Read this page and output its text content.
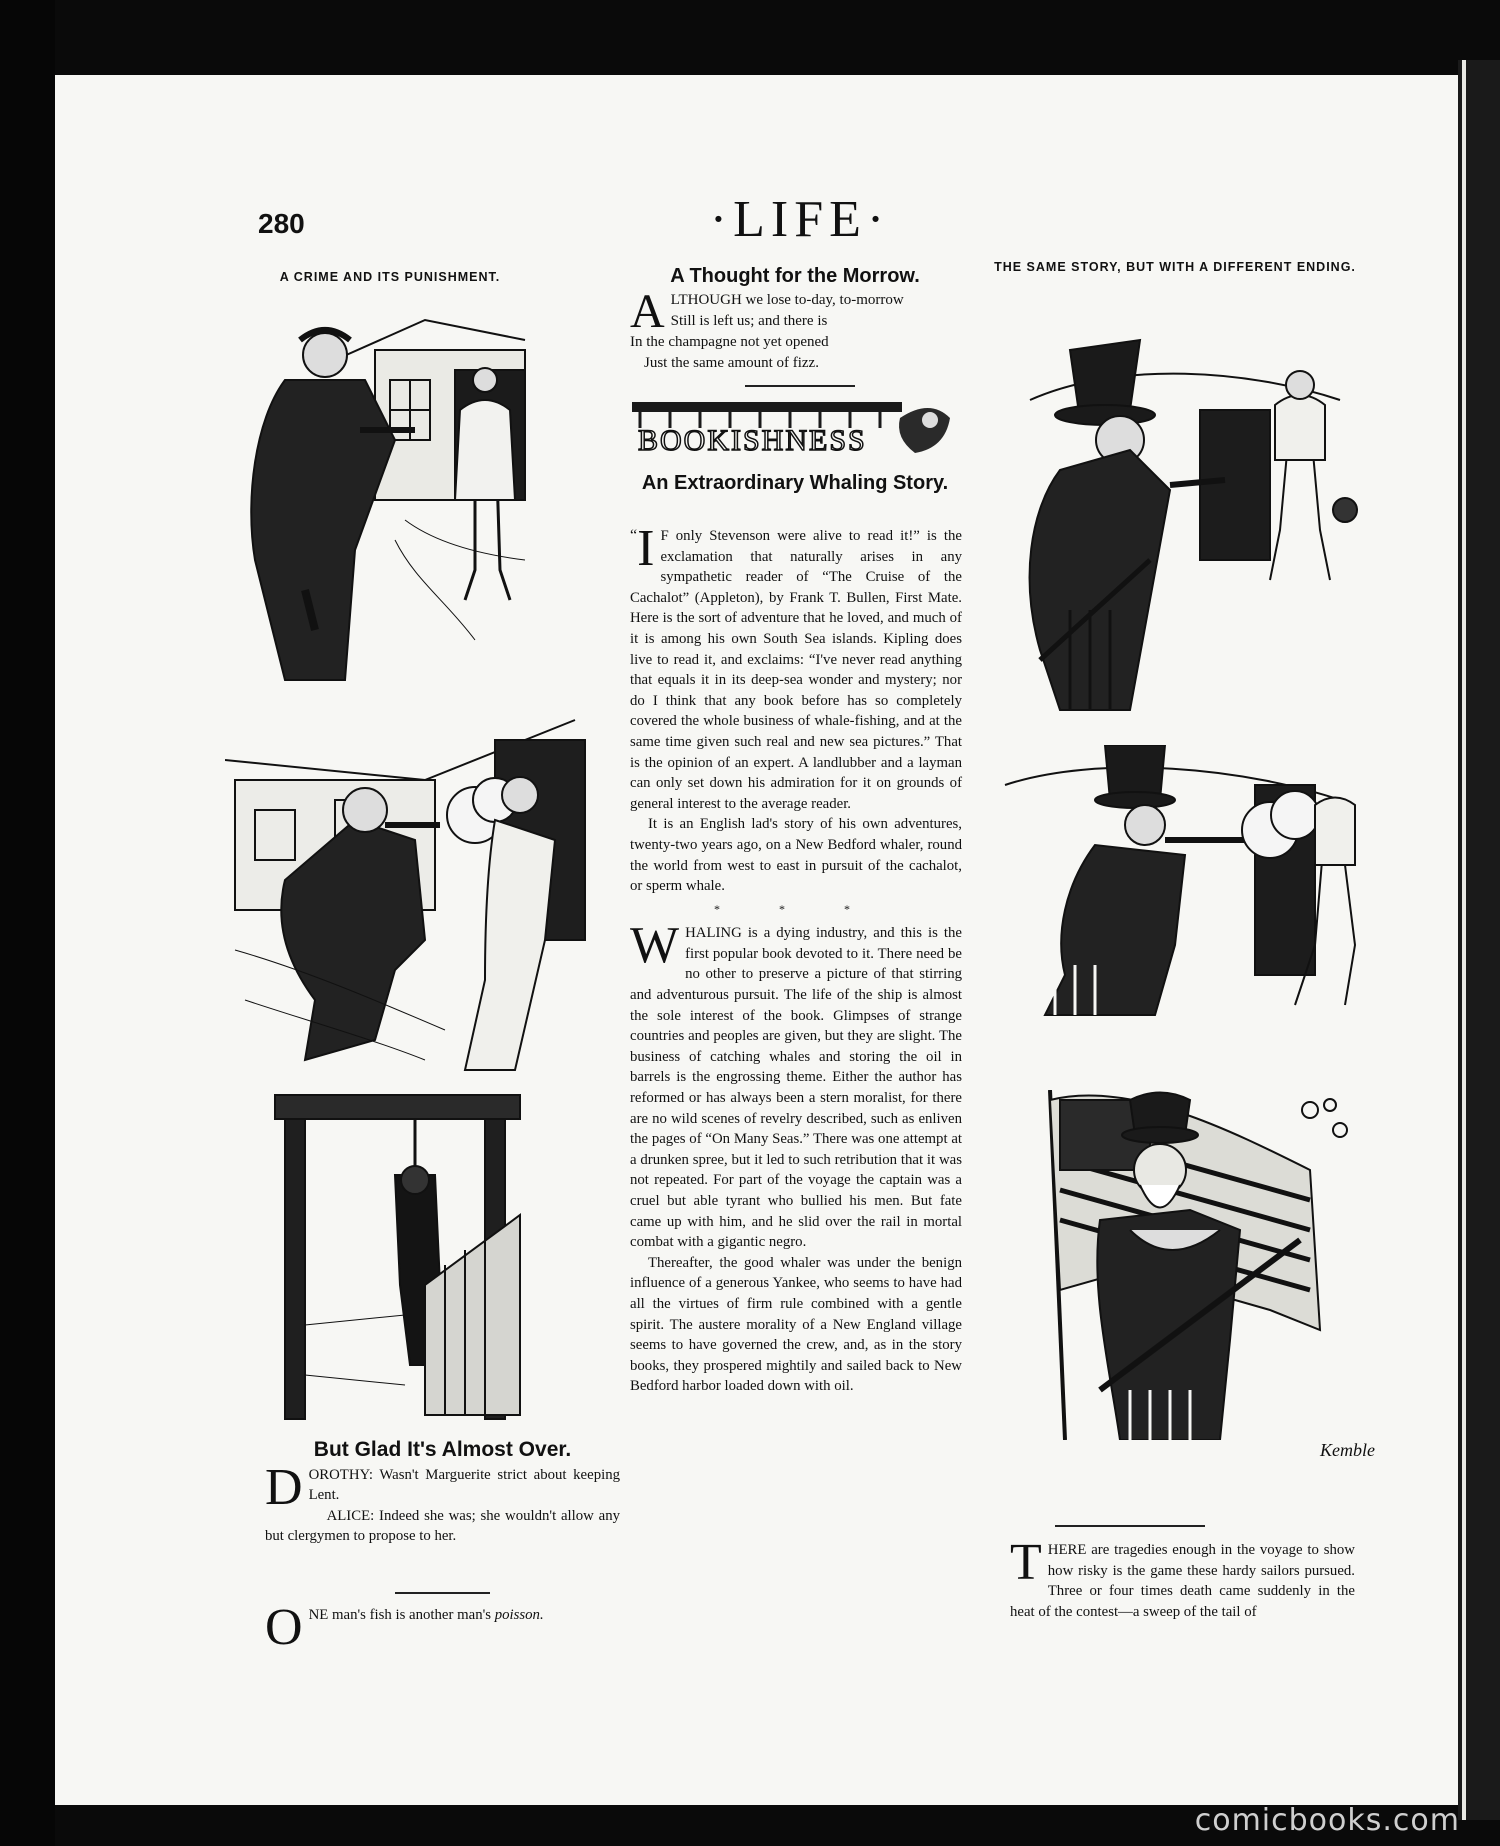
280	·LIFE·
A CRIME AND ITS PUNISHMENT.
But Glad It's Almost Over.

DOROTHY: Wasn't Marguerite strict about keeping Lent.

ALICE: Indeed she was; she wouldn't allow any but clergymen to propose to her.

ONE man's fish is another man's poisson.

A Thought for the Morrow.
ALTHOUGH we lose to-day, to-morrow
Still is left us; and there is
In the champagne not yet opened
Just the same amount of fizz.
BOOKISHNESS
An Extraordinary Whaling Story.

“ I F only Stevenson were alive to read it!” is the exclamation that naturally arises in any sympathetic reader of “The Cruise of the Cachalot” (Appleton), by Frank T. Bullen, First Mate. Here is the sort of adventure that he loved, and much of it is among his own South Sea islands. Kipling does live to read it, and exclaims: “I've never read anything that equals it in its deep-sea wonder and mystery; nor do I think that any book before has so completely covered the whole business of whale-fishing, and at the same time given such real and new sea pictures.” That is the opinion of an expert. A landlubber and a layman can only set down his admiration for it on grounds of general interest to the average reader.

It is an English lad's story of his own adventures, twenty-two years ago, on a New Bedford whaler, round the world from west to east in pursuit of the cachalot, or sperm whale.

* * *

WHALING is a dying industry, and this is the first popular book devoted to it. There need be no other to preserve a picture of that stirring and adventurous pursuit. The life of the ship is almost the sole interest of the book. Glimpses of strange countries and peoples are given, but they are slight. The business of catching whales and storing the oil in barrels is the engrossing theme. Either the author has reformed or has always been a stern moralist, for there are no wild scenes of revelry described, such as enliven the pages of “On Many Seas.” There was one attempt at a drunken spree, but it led to such retribution that it was not repeated. For part of the voyage the captain was a cruel but able tyrant who bullied his men. But fate came up with him, and he slid over the rail in mortal combat with a gigantic negro.

Thereafter, the good whaler was under the benign influence of a generous Yankee, who seems to have had all the virtues of firm rule combined with a gentle spirit. The austere morality of a New England village seems to have governed the crew, and, as in the story books, they prospered mightily and sailed back to New Bedford harbor loaded down with oil.

THE SAME STORY, BUT WITH A DIFFERENT ENDING.
Kemble

THERE are tragedies enough in the voyage to show how risky is the game these hardy sailors pursued. Three or four times death came suddenly in the heat of the contest—a sweep of the tail of

comicbooks.com
